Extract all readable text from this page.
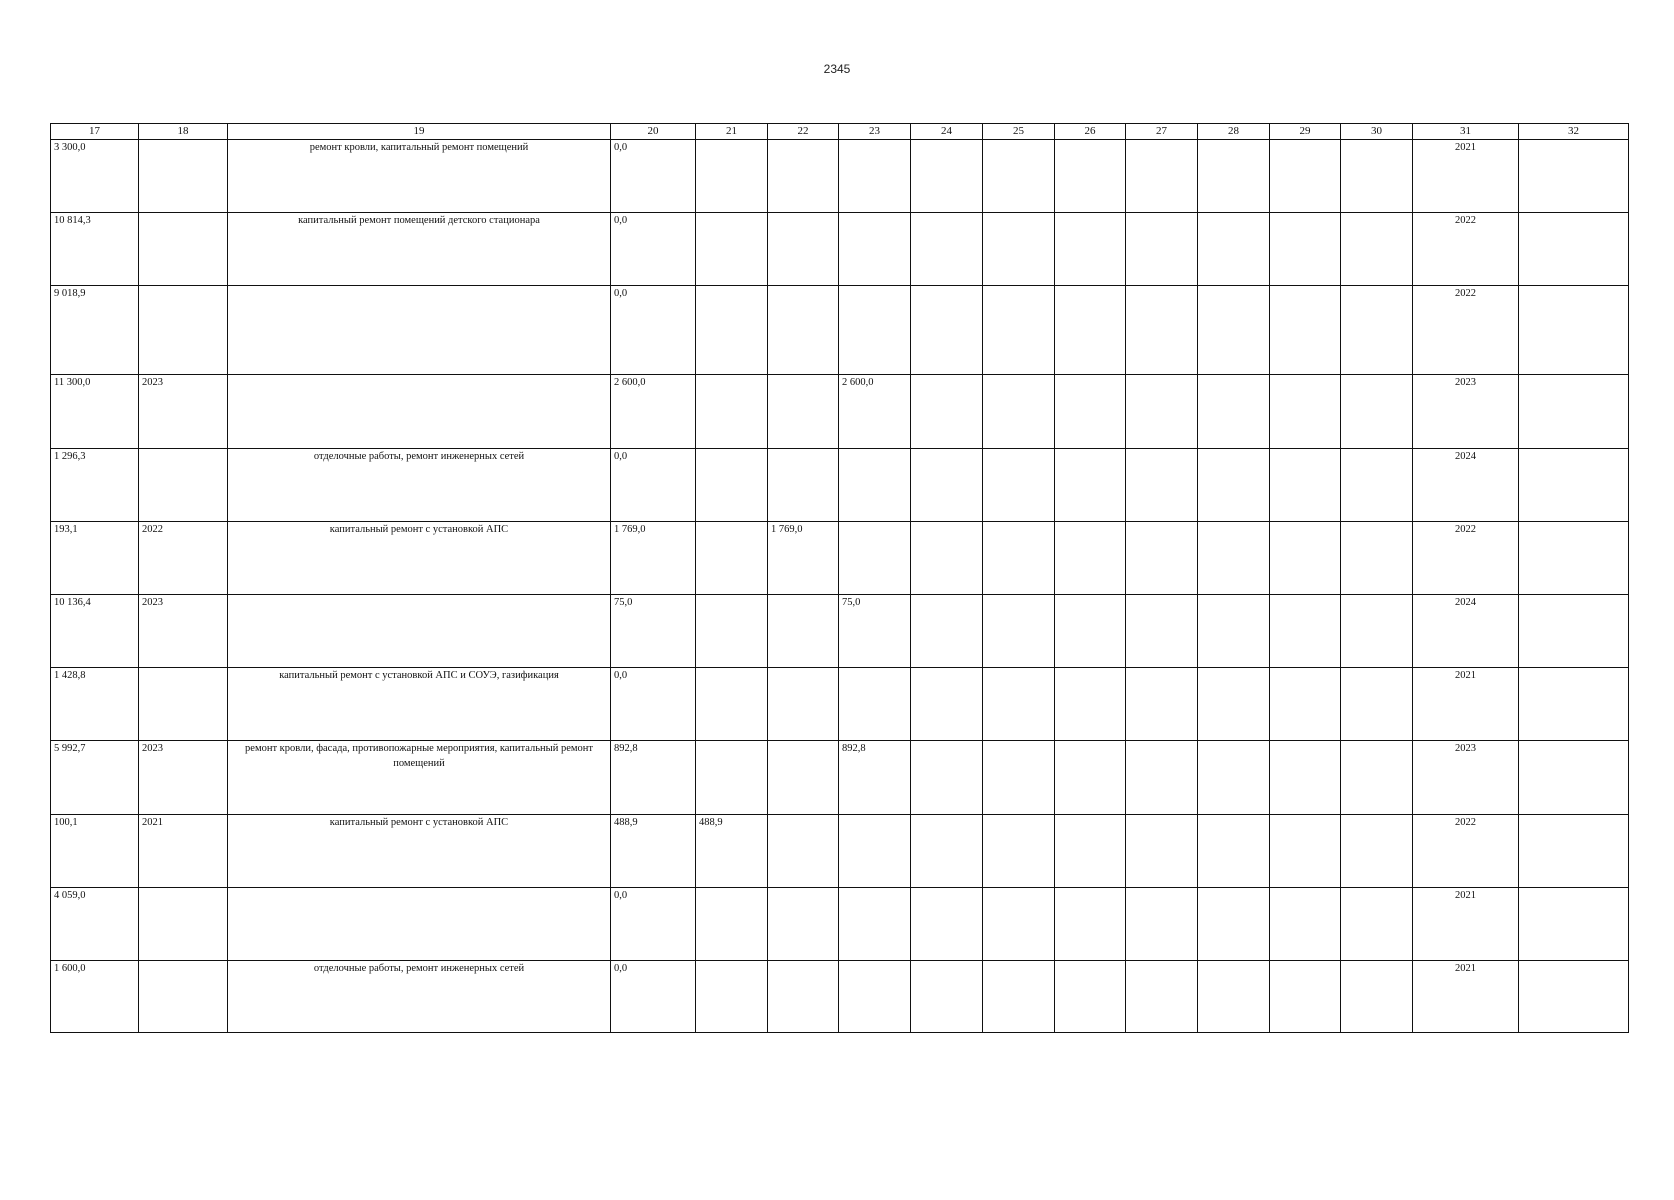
2345
17	18	19	20	21	22	23	24	25	26	27	28	29	30	31	32
3 300,0		ремонт кровли, капитальный ремонт помещений	0,0											2021	
10 814,3		капитальный ремонт помещений детского стационара	0,0											2022	
9 018,9			0,0											2022	
11 300,0	2023		2 600,0			2 600,0								2023	
1 296,3		отделочные работы, ремонт инженерных сетей	0,0											2024	
193,1	2022	капитальный ремонт с установкой АПС	1 769,0		1 769,0									2022	
10 136,4	2023		75,0			75,0								2024	
1 428,8		капитальный ремонт с установкой АПС и СОУЭ, газификация	0,0											2021	
5 992,7	2023	ремонт кровли, фасада, противопожарные мероприятия, капитальный ремонт помещений	892,8			892,8								2023	
100,1	2021	капитальный ремонт с установкой АПС	488,9	488,9										2022	
4 059,0			0,0											2021	
1 600,0		отделочные работы, ремонт инженерных сетей	0,0											2021	
